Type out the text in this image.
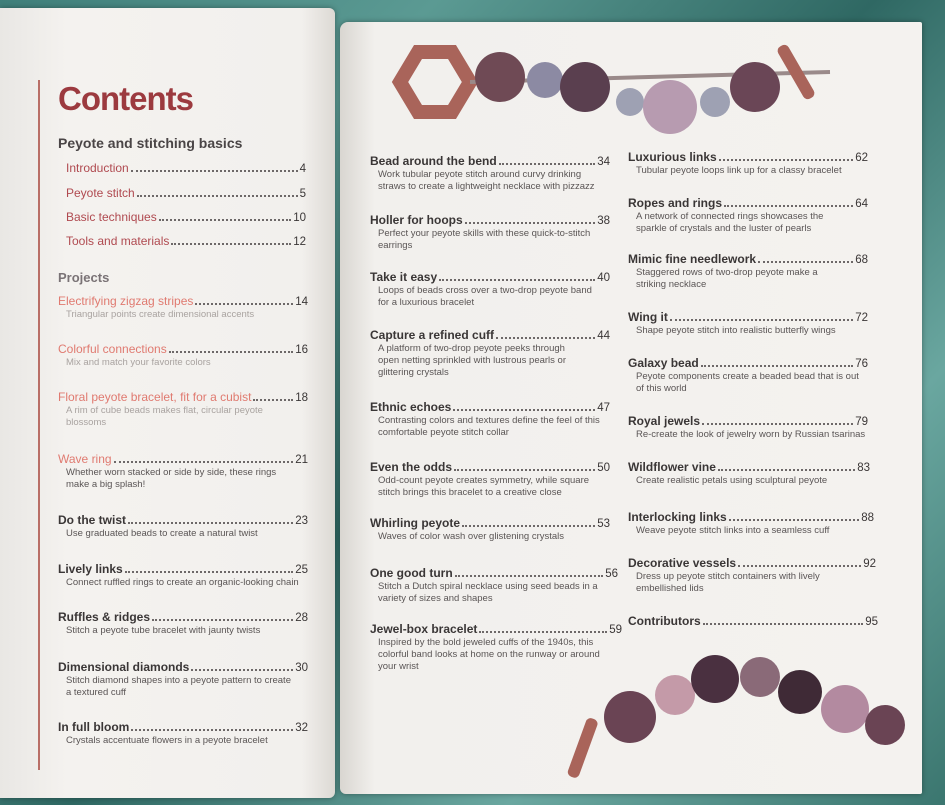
Contents
Peyote and stitching basics
Introduction	4
Peyote stitch	5
Basic techniques	10
Tools and materials	12
Projects
Electrifying zigzag stripes	14
Triangular points create dimensional accents
Colorful connections	16
Mix and match your favorite colors
Floral peyote bracelet, fit for a cubist	18
A rim of cube beads makes flat, circular peyote blossoms
Wave ring	21
Whether worn stacked or side by side, these rings make a big splash!
Do the twist	23
Use graduated beads to create a natural twist
Lively links	25
Connect ruffled rings to create an organic-looking chain
Ruffles & ridges	28
Stitch a peyote tube bracelet with jaunty twists
Dimensional diamonds	30
Stitch diamond shapes into a peyote pattern to create a textured cuff
In full bloom	32
Crystals accentuate flowers in a peyote bracelet
Bead around the bend	34
Work tubular peyote stitch around curvy drinking straws to create a lightweight necklace with pizzazz
Holler for hoops	38
Perfect your peyote skills with these quick-to-stitch earrings
Take it easy	40
Loops of beads cross over a two-drop peyote band for a luxurious bracelet
Capture a refined cuff	44
A platform of two-drop peyote peeks through open netting sprinkled with lustrous pearls or glittering crystals
Ethnic echoes	47
Contrasting colors and textures define the feel of this comfortable peyote stitch collar
Even the odds	50
Odd-count peyote creates symmetry, while square stitch brings this bracelet to a creative close
Whirling peyote	53
Waves of color wash over glistening crystals
One good turn	56
Stitch a Dutch spiral necklace using seed beads in a variety of sizes and shapes
Jewel-box bracelet	59
Inspired by the bold jeweled cuffs of the 1940s, this colorful band looks at home on the runway or around your wrist
Luxurious links	62
Tubular peyote loops link up for a classy bracelet
Ropes and rings	64
A network of connected rings showcases the sparkle of crystals and the luster of pearls
Mimic fine needlework	68
Staggered rows of two-drop peyote make a striking necklace
Wing it	72
Shape peyote stitch into realistic butterfly wings
Galaxy bead	76
Peyote components create a beaded bead that is out of this world
Royal jewels	79
Re-create the look of jewelry worn by Russian tsarinas
Wildflower vine	83
Create realistic petals using sculptural peyote
Interlocking links	88
Weave peyote stitch links into a seamless cuff
Decorative vessels	92
Dress up peyote stitch containers with lively embellished lids
Contributors	95
